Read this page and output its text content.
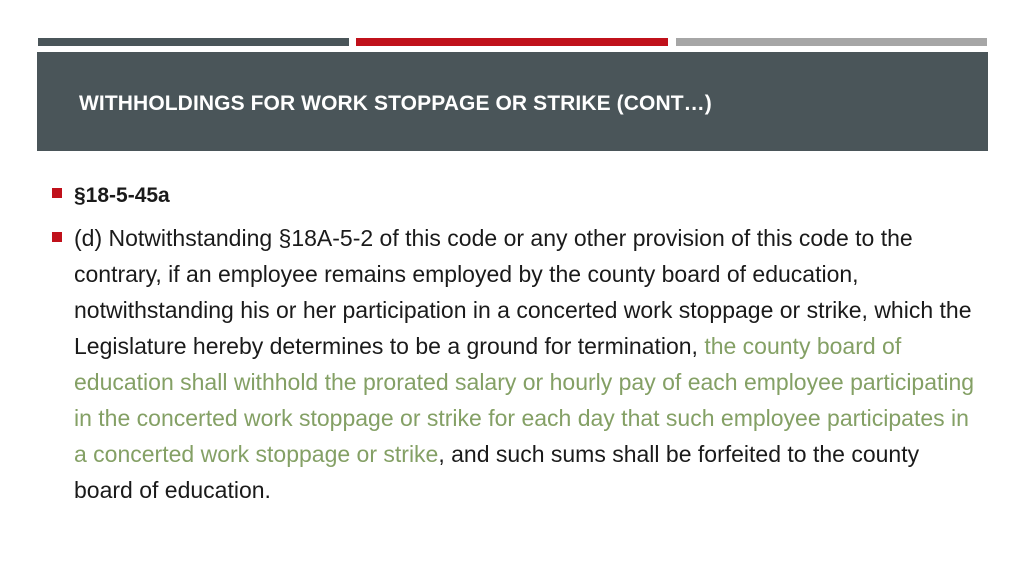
WITHHOLDINGS FOR WORK STOPPAGE OR STRIKE (CONT…)
§18-5-45a
(d) Notwithstanding §18A-5-2 of this code or any other provision of this code to the contrary, if an employee remains employed by the county board of education, notwithstanding his or her participation in a concerted work stoppage or strike, which the Legislature hereby determines to be a ground for termination, the county board of education shall withhold the prorated salary or hourly pay of each employee participating in the concerted work stoppage or strike for each day that such employee participates in a concerted work stoppage or strike, and such sums shall be forfeited to the county board of education.
